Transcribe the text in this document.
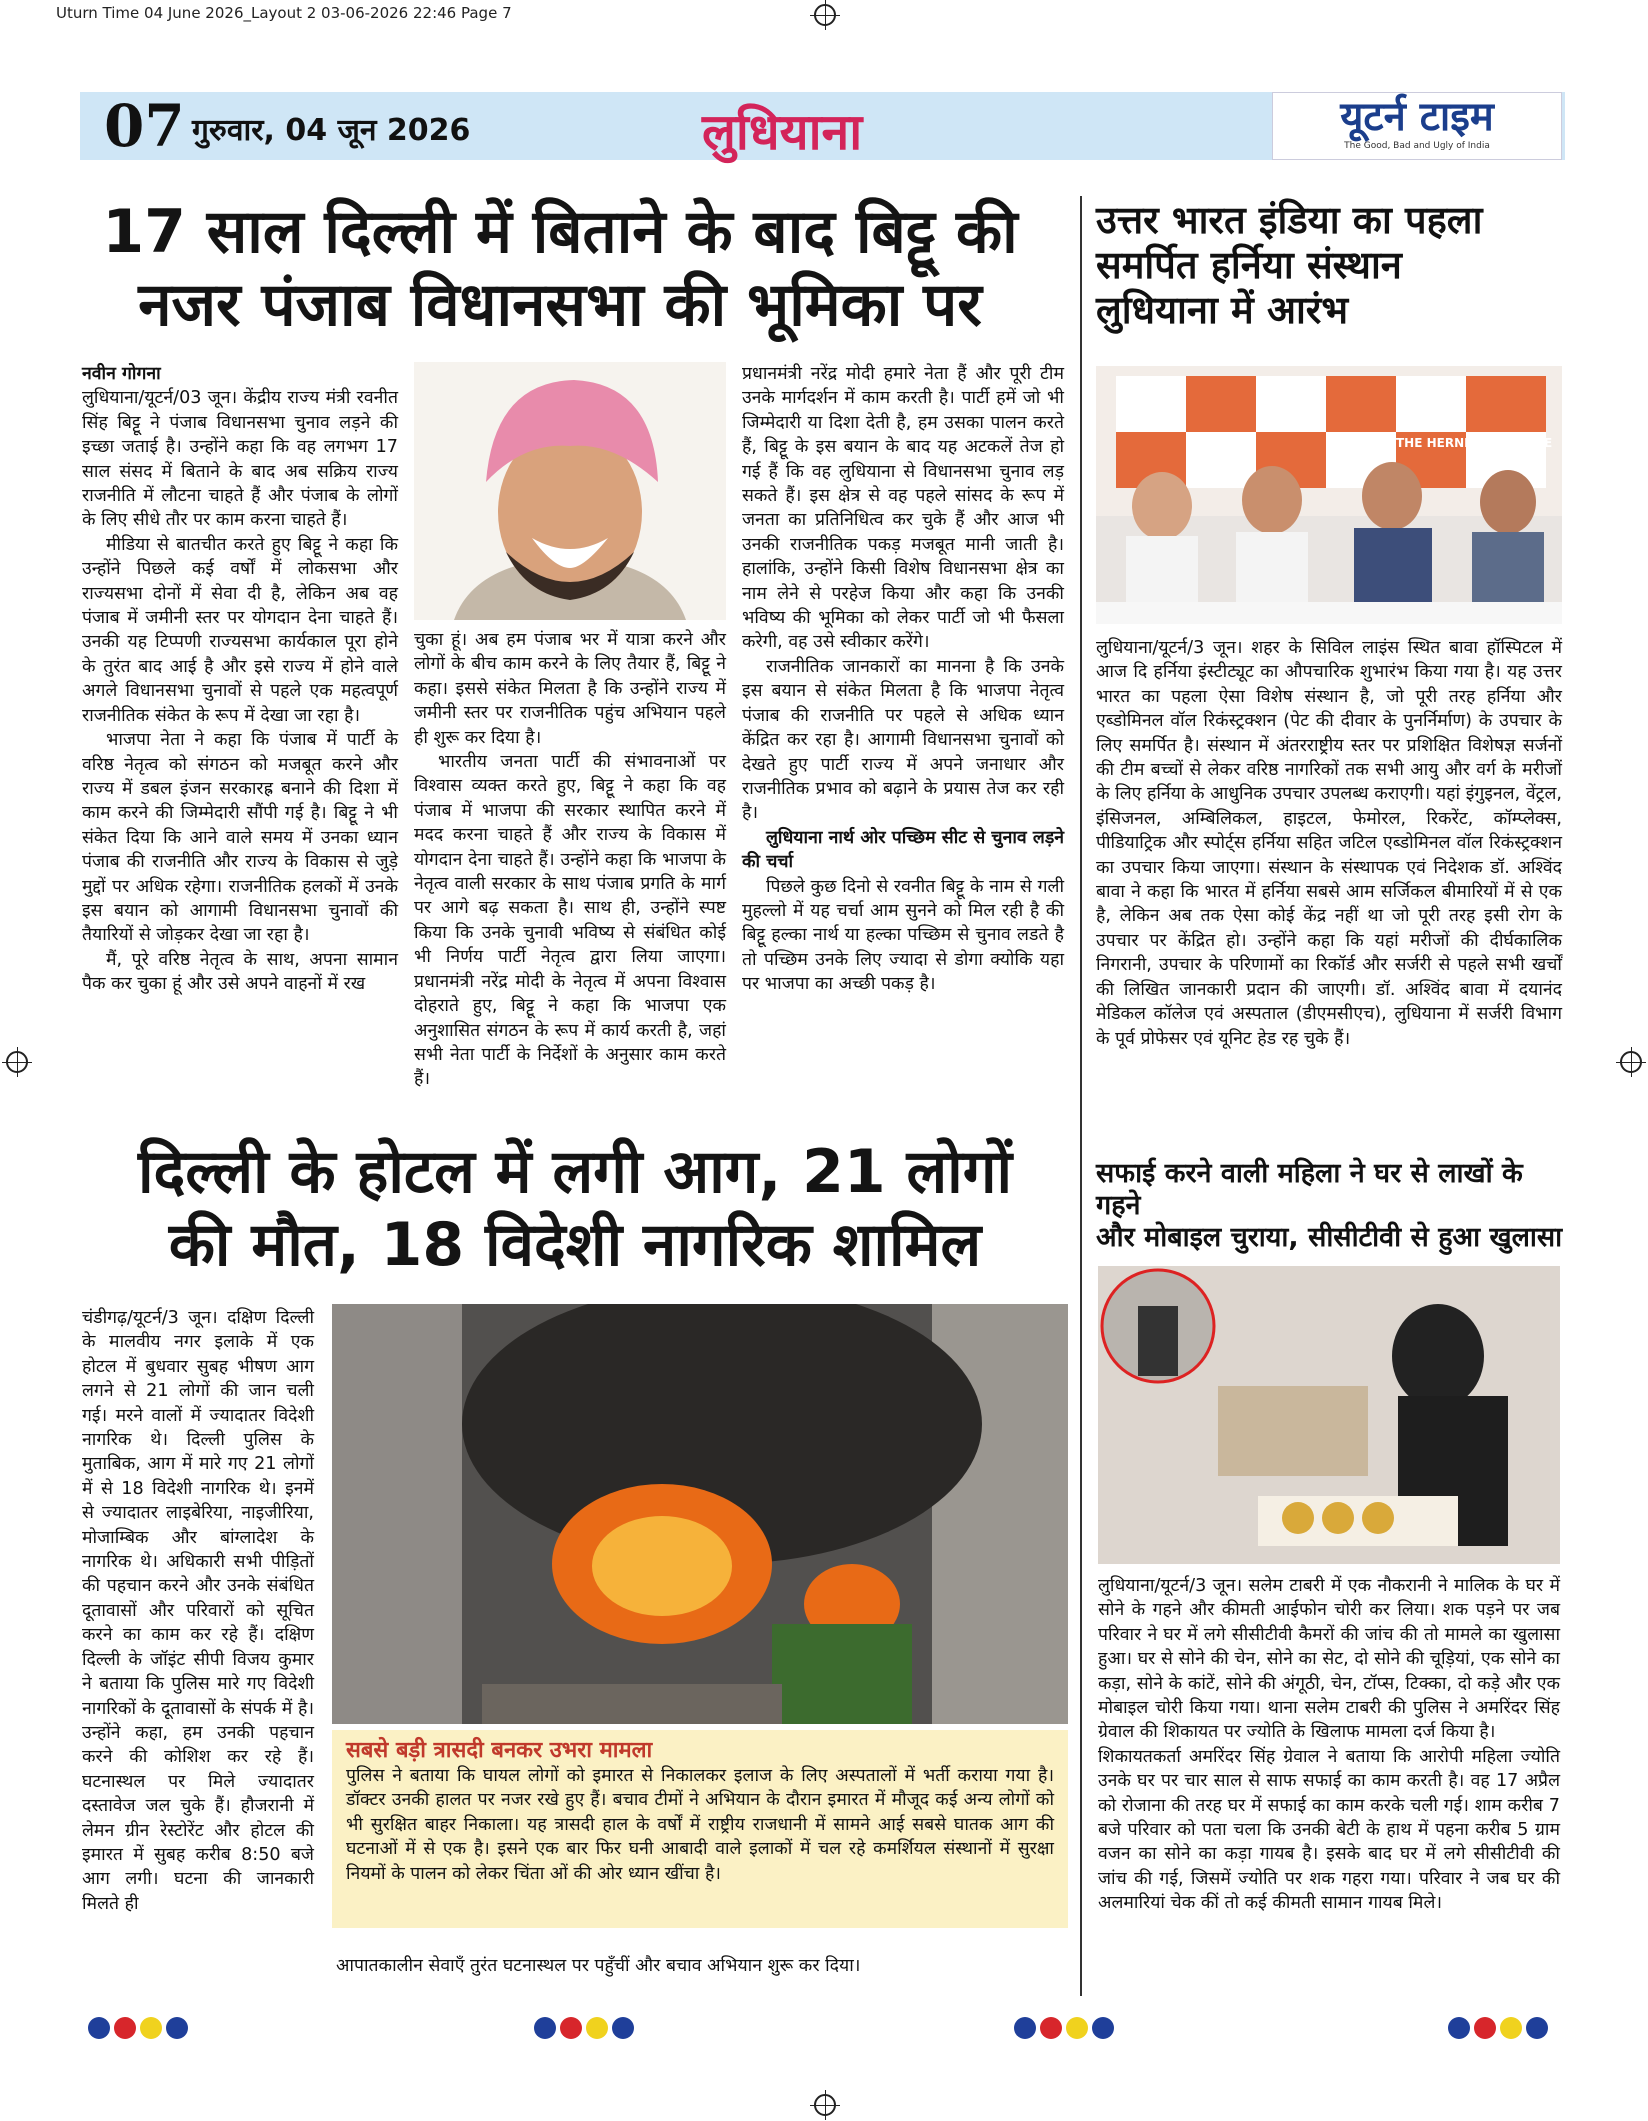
Uturn Time 04 June 2026_Layout 2 03-06-2026 22:46 Page 7
07 गुरुवार, 04 जून 2026	लुधियाना	यूटर्न टाइम
The Good, Bad and Ugly of India
17 साल दिल्ली में बिताने के बाद बिट्टू की
नजर पंजाब विधानसभा की भूमिका पर

नवीन गोगना

लुधियाना/यूटर्न/03 जून। केंद्रीय राज्य मंत्री रवनीत सिंह बिट्टू ने पंजाब विधानसभा चुनाव लड़ने की इच्छा जताई है। उन्होंने कहा कि वह लगभग 17 साल संसद में बिताने के बाद अब सक्रिय राज्य राजनीति में लौटना चाहते हैं और पंजाब के लोगों के लिए सीधे तौर पर काम करना चाहते हैं।

मीडिया से बातचीत करते हुए बिट्टू ने कहा कि उन्होंने पिछले कई वर्षों में लोकसभा और राज्यसभा दोनों में सेवा दी है, लेकिन अब वह पंजाब में जमीनी स्तर पर योगदान देना चाहते हैं। उनकी यह टिप्पणी राज्यसभा कार्यकाल पूरा होने के तुरंत बाद आई है और इसे राज्य में होने वाले अगले विधानसभा चुनावों से पहले एक महत्वपूर्ण राजनीतिक संकेत के रूप में देखा जा रहा है।

भाजपा नेता ने कहा कि पंजाब में पार्टी के वरिष्ठ नेतृत्व को संगठन को मजबूत करने और राज्य में डबल इंजन सरकारह्र बनाने की दिशा में काम करने की जिम्मेदारी सौंपी गई है। बिट्टू ने भी संकेत दिया कि आने वाले समय में उनका ध्यान पंजाब की राजनीति और राज्य के विकास से जुड़े मुद्दों पर अधिक रहेगा। राजनीतिक हलकों में उनके इस बयान को आगामी विधानसभा चुनावों की तैयारियों से जोड़कर देखा जा रहा है।

मैं, पूरे वरिष्ठ नेतृत्व के साथ, अपना सामान पैक कर चुका हूं और उसे अपने वाहनों में रख

चुका हूं। अब हम पंजाब भर में यात्रा करने और लोगों के बीच काम करने के लिए तैयार हैं, बिट्टू ने कहा। इससे संकेत मिलता है कि उन्होंने राज्य में जमीनी स्तर पर राजनीतिक पहुंच अभियान पहले ही शुरू कर दिया है।

भारतीय जनता पार्टी की संभावनाओं पर विश्वास व्यक्त करते हुए, बिट्टू ने कहा कि वह पंजाब में भाजपा की सरकार स्थापित करने में मदद करना चाहते हैं और राज्य के विकास में योगदान देना चाहते हैं। उन्होंने कहा कि भाजपा के नेतृत्व वाली सरकार के साथ पंजाब प्रगति के मार्ग पर आगे बढ़ सकता है। साथ ही, उन्होंने स्पष्ट किया कि उनके चुनावी भविष्य से संबंधित कोई भी निर्णय पार्टी नेतृत्व द्वारा लिया जाएगा। प्रधानमंत्री नरेंद्र मोदी के नेतृत्व में अपना विश्वास दोहराते हुए, बिट्टू ने कहा कि भाजपा एक अनुशासित संगठन के रूप में कार्य करती है, जहां सभी नेता पार्टी के निर्देशों के अनुसार काम करते हैं।

प्रधानमंत्री नरेंद्र मोदी हमारे नेता हैं और पूरी टीम उनके मार्गदर्शन में काम करती है। पार्टी हमें जो भी जिम्मेदारी या दिशा देती है, हम उसका पालन करते हैं, बिट्टू के इस बयान के बाद यह अटकलें तेज हो गई हैं कि वह लुधियाना से विधानसभा चुनाव लड़ सकते हैं। इस क्षेत्र से वह पहले सांसद के रूप में जनता का प्रतिनिधित्व कर चुके हैं और आज भी उनकी राजनीतिक पकड़ मजबूत मानी जाती है। हालांकि, उन्होंने किसी विशेष विधानसभा क्षेत्र का नाम लेने से परहेज किया और कहा कि उनकी भविष्य की भूमिका को लेकर पार्टी जो भी फैसला करेगी, वह उसे स्वीकार करेंगे।

राजनीतिक जानकारों का मानना है कि उनके इस बयान से संकेत मिलता है कि भाजपा नेतृत्व पंजाब की राजनीति पर पहले से अधिक ध्यान केंद्रित कर रहा है। आगामी विधानसभा चुनावों को देखते हुए पार्टी राज्य में अपने जनाधार और राजनीतिक प्रभाव को बढ़ाने के प्रयास तेज कर रही है।

लुधियाना नार्थ ओर पच्छिम सीट से चुनाव लड़ने की चर्चा

पिछले कुछ दिनो से रवनीत बिट्टू के नाम से गली मुहल्लो में यह चर्चा आम सुनने को मिल रही है की बिट्टू हल्का नार्थ या हल्का पच्छिम से चुनाव लडते है तो पच्छिम उनके लिए ज्यादा से डोगा क्योकि यहा पर भाजपा का अच्छी पकड़ है।

उत्तर भारत इंडिया का पहला
समर्पित हर्निया संस्थान
लुधियाना में आरंभ
THE HERNIA INSTITUTE

लुधियाना/यूटर्न/3 जून। शहर के सिविल लाइंस स्थित बावा हॉस्पिटल में आज दि हर्निया इंस्टीट्यूट का औपचारिक शुभारंभ किया गया है। यह उत्तर भारत का पहला ऐसा विशेष संस्थान है, जो पूरी तरह हर्निया और एब्डोमिनल वॉल रिकंस्ट्रक्शन (पेट की दीवार के पुनर्निर्माण) के उपचार के लिए समर्पित है। संस्थान में अंतरराष्ट्रीय स्तर पर प्रशिक्षित विशेषज्ञ सर्जनों की टीम बच्चों से लेकर वरिष्ठ नागरिकों तक सभी आयु और वर्ग के मरीजों के लिए हर्निया के आधुनिक उपचार उपलब्ध कराएगी। यहां इंगुइनल, वेंट्रल, इंसिजनल, अम्बिलिकल, हाइटल, फेमोरल, रिकरेंट, कॉम्प्लेक्स, पीडियाट्रिक और स्पोर्ट्स हर्निया सहित जटिल एब्डोमिनल वॉल रिकंस्ट्रक्शन का उपचार किया जाएगा। संस्थान के संस्थापक एवं निदेशक डॉ. अश्विंद बावा ने कहा कि भारत में हर्निया सबसे आम सर्जिकल बीमारियों में से एक है, लेकिन अब तक ऐसा कोई केंद्र नहीं था जो पूरी तरह इसी रोग के उपचार पर केंद्रित हो। उन्होंने कहा कि यहां मरीजों की दीर्घकालिक निगरानी, उपचार के परिणामों का रिकॉर्ड और सर्जरी से पहले सभी खर्चों की लिखित जानकारी प्रदान की जाएगी। डॉ. अश्विंद बावा में दयानंद मेडिकल कॉलेज एवं अस्पताल (डीएमसीएच), लुधियाना में सर्जरी विभाग के पूर्व प्रोफेसर एवं यूनिट हेड रह चुके हैं।

दिल्ली के होटल में लगी आग, 21 लोगों
की मौत, 18 विदेशी नागरिक शामिल

चंडीगढ़/यूटर्न/3 जून। दक्षिण दिल्ली के मालवीय नगर इलाके में एक होटल में बुधवार सुबह भीषण आग लगने से 21 लोगों की जान चली गई। मरने वालों में ज्यादातर विदेशी नागरिक थे। दिल्ली पुलिस के मुताबिक, आग में मारे गए 21 लोगों में से 18 विदेशी नागरिक थे। इनमें से ज्यादातर लाइबेरिया, नाइजीरिया, मोजाम्बिक और बांग्लादेश के नागरिक थे। अधिकारी सभी पीड़ितों की पहचान करने और उनके संबंधित दूतावासों और परिवारों को सूचित करने का काम कर रहे हैं। दक्षिण दिल्ली के जॉइंट सीपी विजय कुमार ने बताया कि पुलिस मारे गए विदेशी नागरिकों के दूतावासों के संपर्क में है। उन्होंने कहा, हम उनकी पहचान करने की कोशिश कर रहे हैं। घटनास्थल पर मिले ज्यादातर दस्तावेज जल चुके हैं। हौजरानी में लेमन ग्रीन रेस्टोरेंट और होटल की इमारत में सुबह करीब 8:50 बजे आग लगी। घटना की जानकारी मिलते ही

सबसे बड़ी त्रासदी बनकर उभरा मामला
पुलिस ने बताया कि घायल लोगों को इमारत से निकालकर इलाज के लिए अस्पतालों में भर्ती कराया गया है। डॉक्टर उनकी हालत पर नजर रखे हुए हैं। बचाव टीमों ने अभियान के दौरान इमारत में मौजूद कई अन्य लोगों को भी सुरक्षित बाहर निकाला। यह त्रासदी हाल के वर्षों में राष्ट्रीय राजधानी में सामने आई सबसे घातक आग की घटनाओं में से एक है। इसने एक बार फिर घनी आबादी वाले इलाकों में चल रहे कमर्शियल संस्थानों में सुरक्षा नियमों के पालन को लेकर चिंता ओं की ओर ध्यान खींचा है।
आपातकालीन सेवाएँ तुरंत घटनास्थल पर पहुँचीं और बचाव अभियान शुरू कर दिया।
सफाई करने वाली महिला ने घर से लाखों के गहने
और मोबाइल चुराया, सीसीटीवी से हुआ खुलासा

लुधियाना/यूटर्न/3 जून। सलेम टाबरी में एक नौकरानी ने मालिक के घर में सोने के गहने और कीमती आईफोन चोरी कर लिया। शक पड़ने पर जब परिवार ने घर में लगे सीसीटीवी कैमरों की जांच की तो मामले का खुलासा हुआ। घर से सोने की चेन, सोने का सेट, दो सोने की चूड़ियां, एक सोने का कड़ा, सोने के कांटें, सोने की अंगूठी, चेन, टॉप्स, टिक्का, दो कड़े और एक मोबाइल चोरी किया गया। थाना सलेम टाबरी की पुलिस ने अमरिंदर सिंह ग्रेवाल की शिकायत पर ज्योति के खिलाफ मामला दर्ज किया है।

शिकायतकर्ता अमरिंदर सिंह ग्रेवाल ने बताया कि आरोपी महिला ज्योति उनके घर पर चार साल से साफ सफाई का काम करती है। वह 17 अप्रैल को रोजाना की तरह घर में सफाई का काम करके चली गई। शाम करीब 7 बजे परिवार को पता चला कि उनकी बेटी के हाथ में पहना करीब 5 ग्राम वजन का सोने का कड़ा गायब है। इसके बाद घर में लगे सीसीटीवी की जांच की गई, जिसमें ज्योति पर शक गहरा गया। परिवार ने जब घर की अलमारियां चेक कीं तो कई कीमती सामान गायब मिले।
